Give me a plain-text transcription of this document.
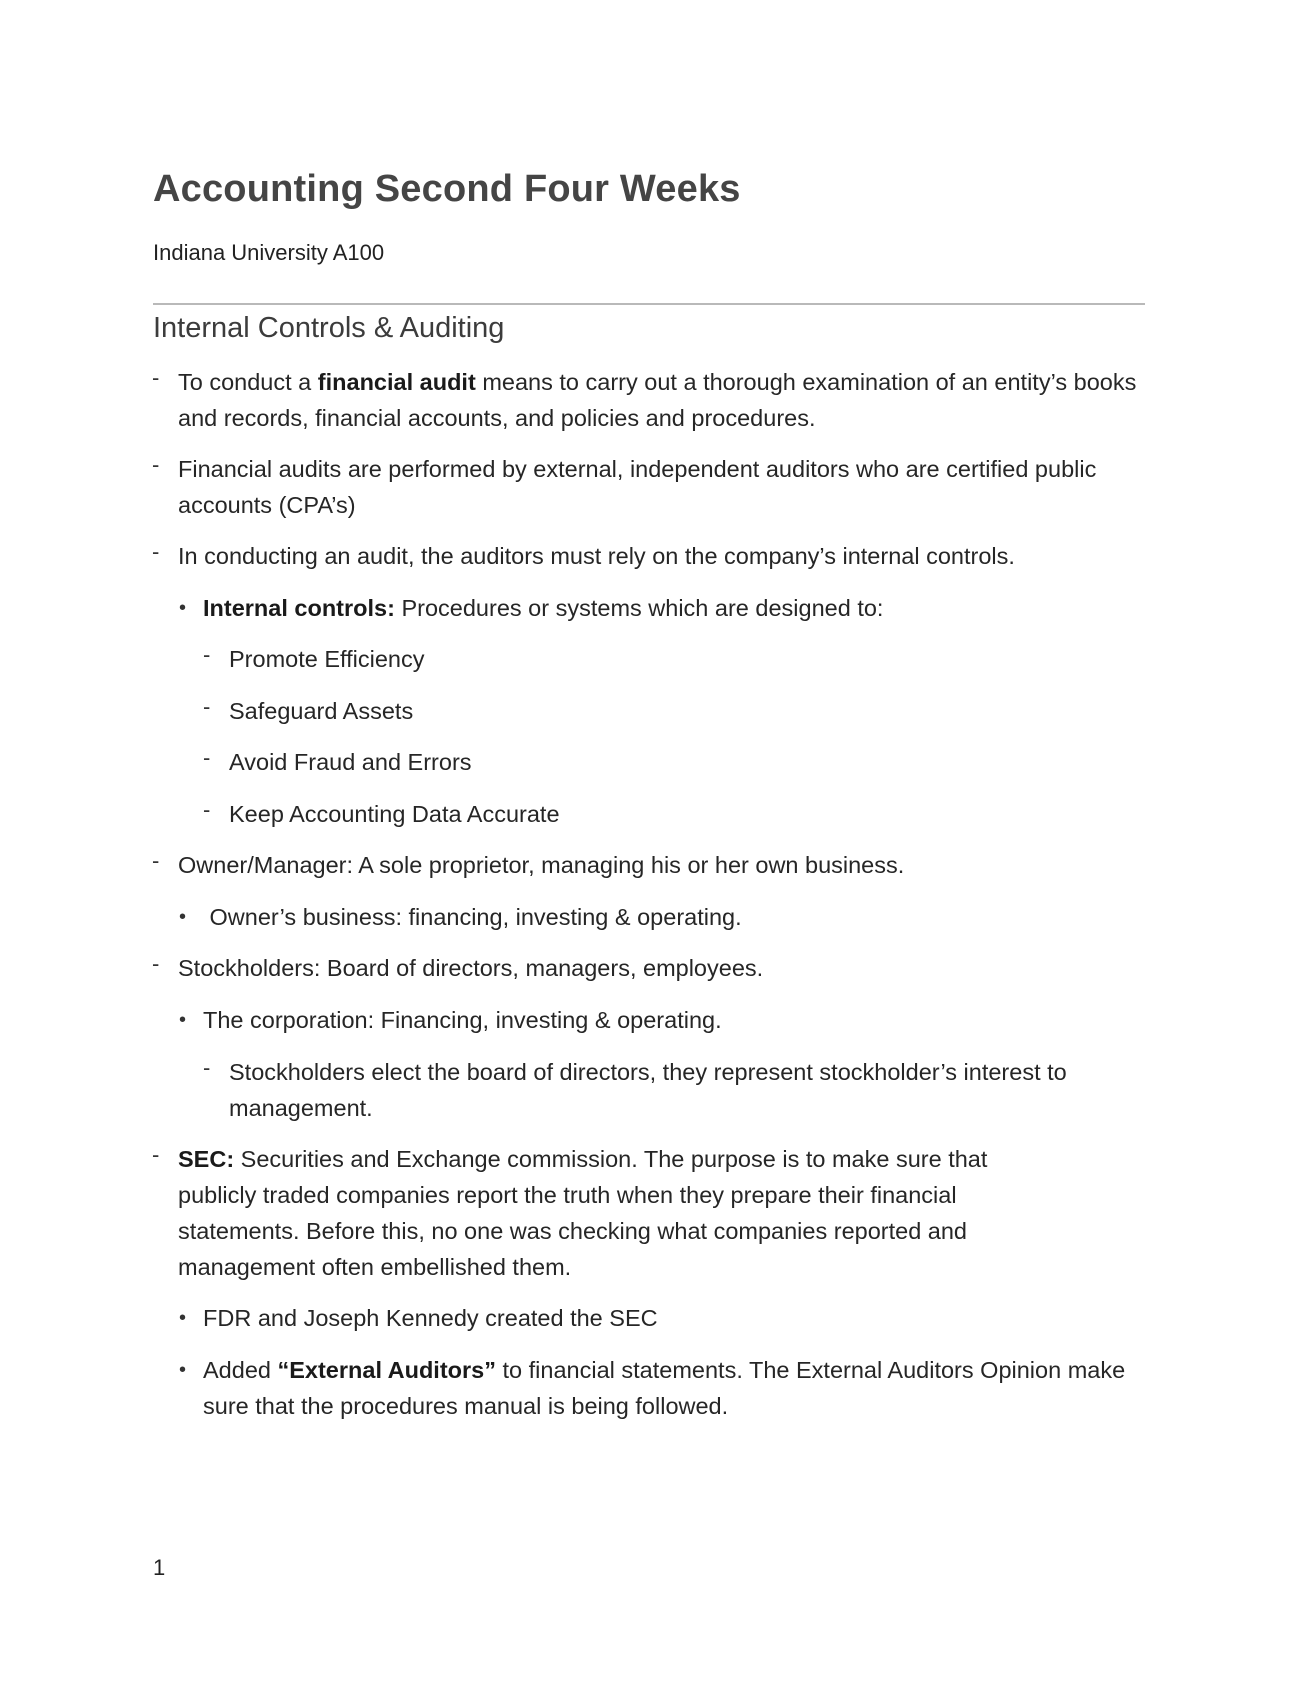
Accounting Second Four Weeks

Indiana University A100

Internal Controls & Auditing
- To conduct a financial audit means to carry out a thorough examination of an entity’s books and records, financial accounts, and policies and procedures.
- Financial audits are performed by external, independent auditors who are certified public accounts (CPA’s)
- In conducting an audit, the auditors must rely on the company’s internal controls.
• Internal controls: Procedures or systems which are designed to:
- Promote Efficiency
- Safeguard Assets
- Avoid Fraud and Errors
- Keep Accounting Data Accurate
- Owner/Manager: A sole proprietor, managing his or her own business.
• Owner’s business: financing, investing & operating.
- Stockholders: Board of directors, managers, employees.
• The corporation: Financing, investing & operating.
- Stockholders elect the board of directors, they represent stockholder’s interest to management.
- SEC: Securities and Exchange commission. The purpose is to make sure that publicly traded companies report the truth when they prepare their financial statements. Before this, no one was checking what companies reported and management often embellished them.
• FDR and Joseph Kennedy created the SEC
• Added “External Auditors” to financial statements. The External Auditors Opinion make sure that the procedures manual is being followed.
1
